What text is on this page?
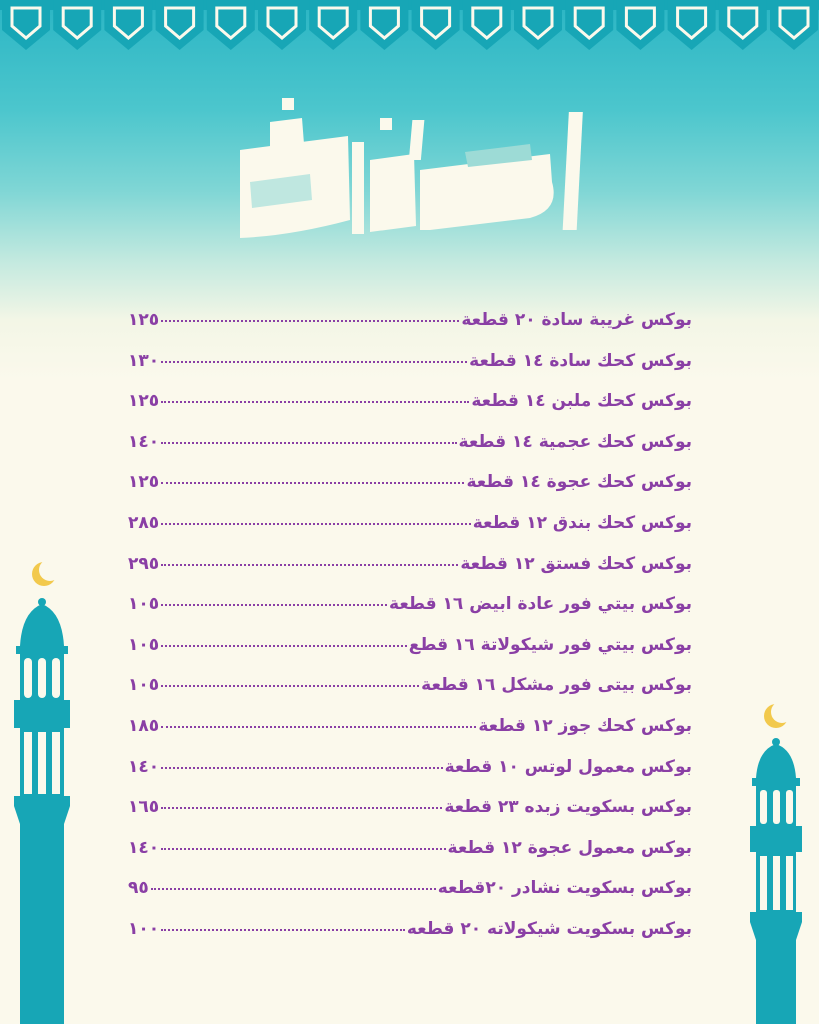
بوكس غريبة سادة ٢٠ قطعة
١٢٥
بوكس كحك سادة ١٤ قطعة
١٣٠
بوكس كحك ملبن ١٤ قطعة
١٢٥
بوكس كحك عجمية ١٤ قطعة
١٤٠
بوكس كحك عجوة ١٤ قطعة
١٢٥
بوكس كحك بندق ١٢ قطعة
٢٨٥
بوكس كحك فستق ١٢ قطعة
٢٩٥
بوكس بيتي فور عادة ابيض ١٦ قطعة
١٠٥
بوكس بيتي فور شيكولاتة ١٦ قطع
١٠٥
بوكس بيتى فور مشكل ١٦ قطعة
١٠٥
بوكس كحك جوز ١٢ قطعة
١٨٥
بوكس معمول لوتس ١٠ قطعة
١٤٠
بوكس بسكويت زبده ٢٣ قطعة
١٦٥
بوكس معمول عجوة ١٢ قطعة
١٤٠
بوكس بسكويت نشادر ٢٠قطعه
٩٥
بوكس بسكويت شيكولاته ٢٠ قطعه
١٠٠
